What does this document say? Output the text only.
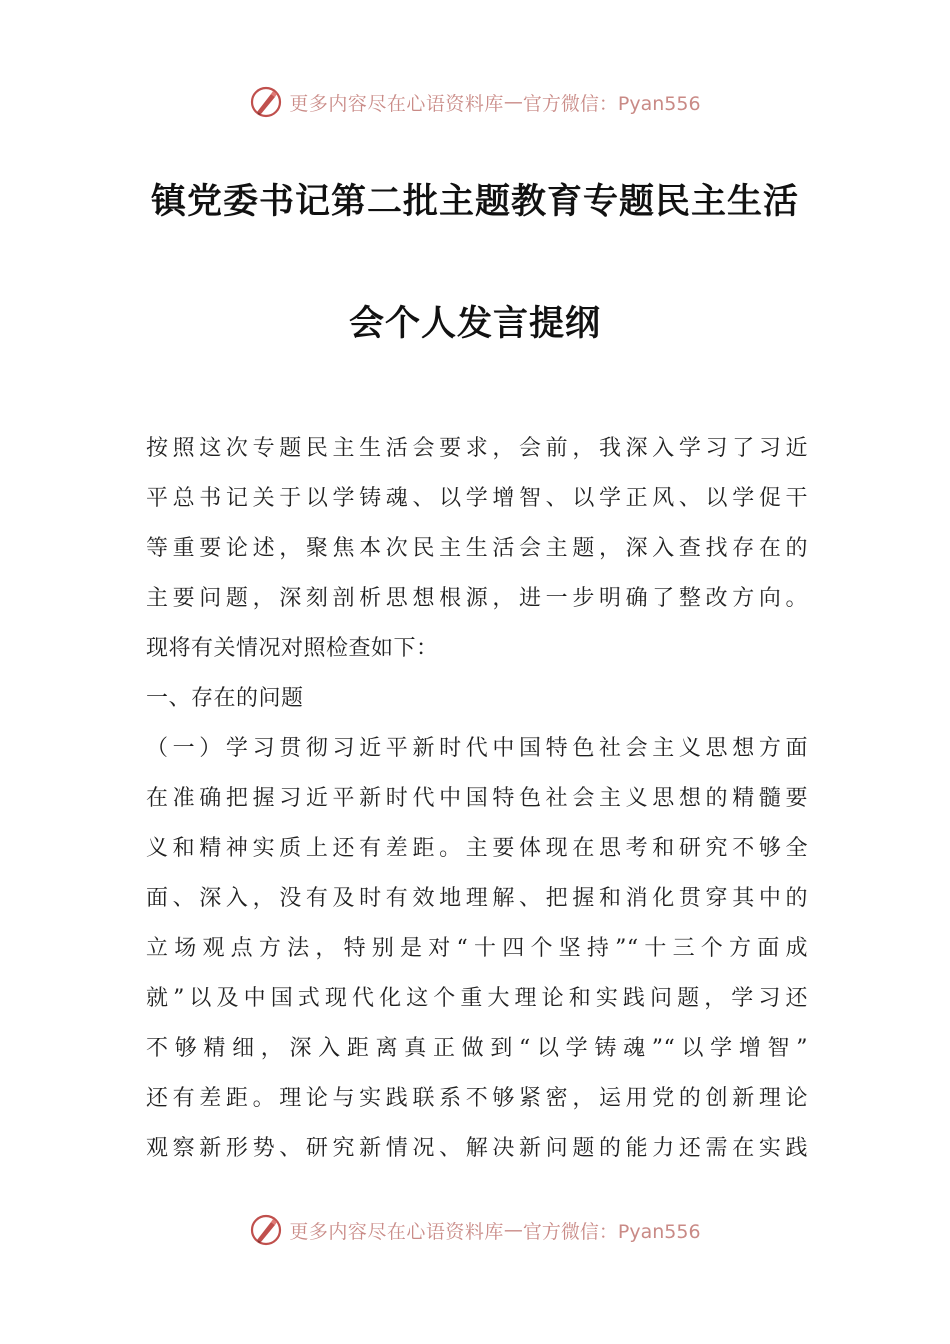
更多内容尽在心语资料库 — 官方微信：Pyan556
镇党委书记第二批主题教育专题民主生活
会个人发言提纲
按照这次专题民主生活会要求，会前，我深入学习了习近
平总书记关于以学铸魂、以学增智、以学正风、以学促干
等重要论述，聚焦本次民主生活会主题，深入查找存在的
主要问题，深刻剖析思想根源，进一步明确了整改方向。
现将有关情况对照检查如下：
一、存在的问题
（一）学习贯彻习近平新时代中国特色社会主义思想方面
在准确把握习近平新时代中国特色社会主义思想的精髓要
义和精神实质上还有差距。主要体现在思考和研究不够全
面、深入，没有及时有效地理解、把握和消化贯穿其中的
立场观点方法，特别是对“十四个坚持”“十三个方面成
就”以及中国式现代化这个重大理论和实践问题，学习还
不够精细，深入距离真正做到“以学铸魂”“以学增智”
还有差距。理论与实践联系不够紧密，运用党的创新理论
观察新形势、研究新情况、解决新问题的能力还需在实践
更多内容尽在心语资料库 — 官方微信：Pyan556
